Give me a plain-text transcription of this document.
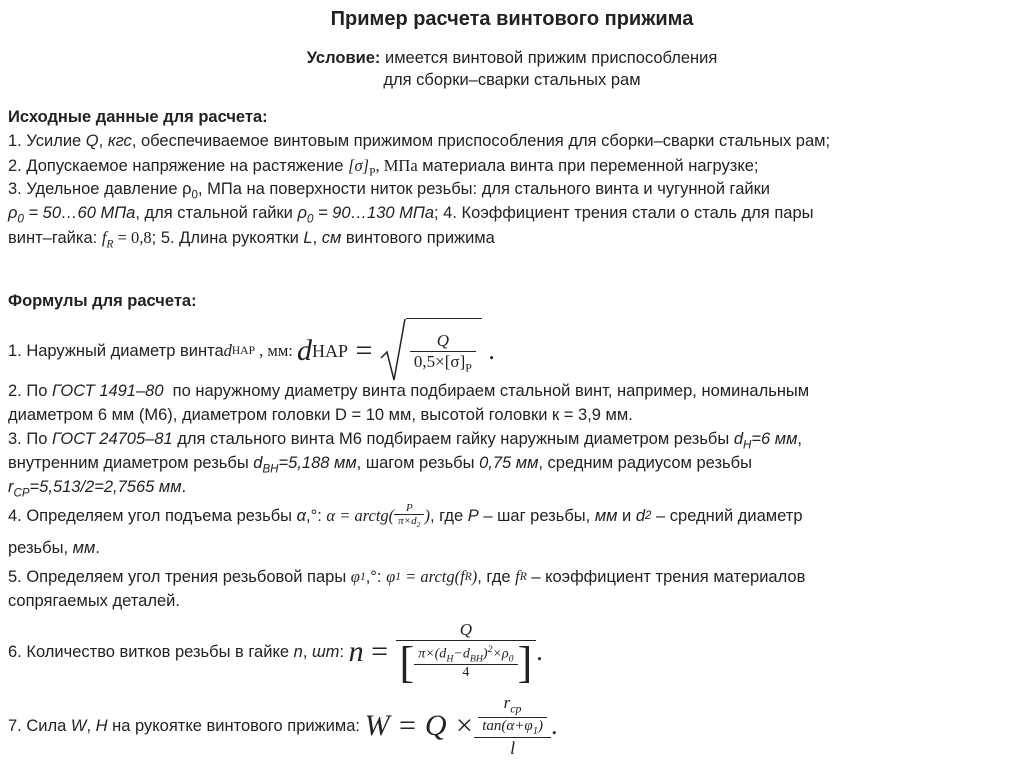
Пример расчета винтового прижима
Условие: имеется винтовой прижим приспособления
для сборки–сварки стальных рам
Исходные данные для расчета:
1. Усилие Q, кгс, обеспечиваемое винтовым прижимом приспособления для сборки–сварки стальных рам;
2. Допускаемое напряжение на растяжение $[\sigma]_P$, МПа материала винта при переменной нагрузке;
3. Удельное давление $\rho_0$, МПа на поверхности ниток резьбы: для стального винта и чугунной гайки
$\rho_0$ = 50…60 МПа, для стальной гайки $\rho_0$ = 90…130 МПа; 4. Коэффициент трения стали о сталь для пары
винт–гайка: $f_R = 0,8$; 5. Длина рукоятки L, см винтового прижима
Формулы для расчета:
1. Наружный диаметр винта d НАР , мм: d НАР = $\frac{Q}{0,5\times[\sigma]_P}$ .
2. По ГОСТ 1491–80  по наружному диаметру винта подбираем стальной винт, например, номинальным
диаметром 6 мм (М6), диаметром головки D = 10 мм, высотой головки к = 3,9 мм.
3. По ГОСТ 24705–81 для стального винта М6 подбираем гайку наружным диаметром резьбы $d_H=6$ мм,
внутренним диаметром резьбы $d_{ВН}=5,188$ мм, шагом резьбы 0,75 мм, средним радиусом резьбы
$r_{СР}=5,513/2=2,7565$ мм.
4. Определяем угол подъема резьбы α ,°: α = arctg( $\frac{P}{\pi\times d_2}$ ) , где P – шаг резьбы, мм и d 2 – средний диаметр
резьбы, мм.
5. Определяем угол трения резьбовой пары φ 1 ,°: φ 1 = arctg(f R ) , где f R – коэффициент трения материалов
сопрягаемых деталей.
6. Количество витков резьбы в гайке n , шт : n =
Q
[ $\frac{\pi\times(d_H-d_{BH})^2\times\rho_0}{4}$ ] .
7. Сила W , Н на рукоятке винтового прижима: $W = Q \times \frac{\frac{r_{cp}}{\tan(\alpha+\varphi_1)}}{l}$ .
